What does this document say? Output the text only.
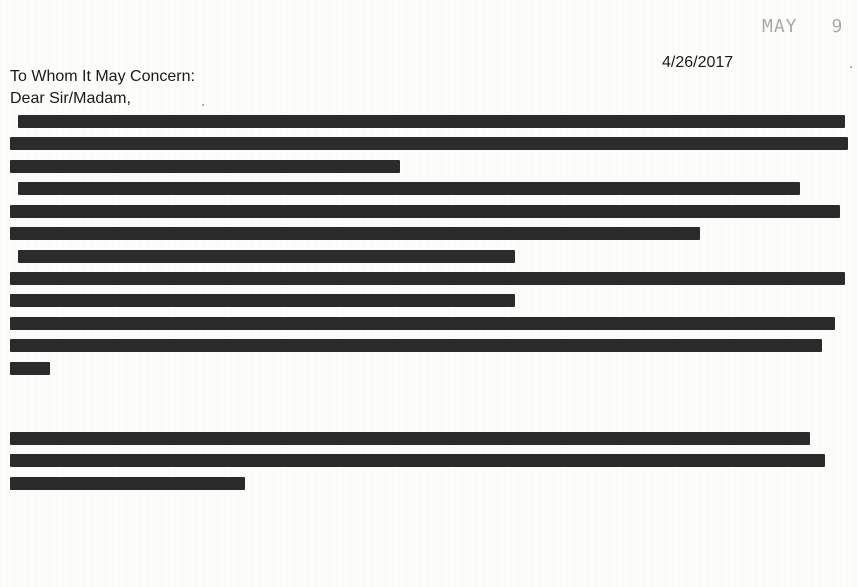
MAY 9
4/26/2017
To Whom It May Concern:
Dear Sir/Madam,
